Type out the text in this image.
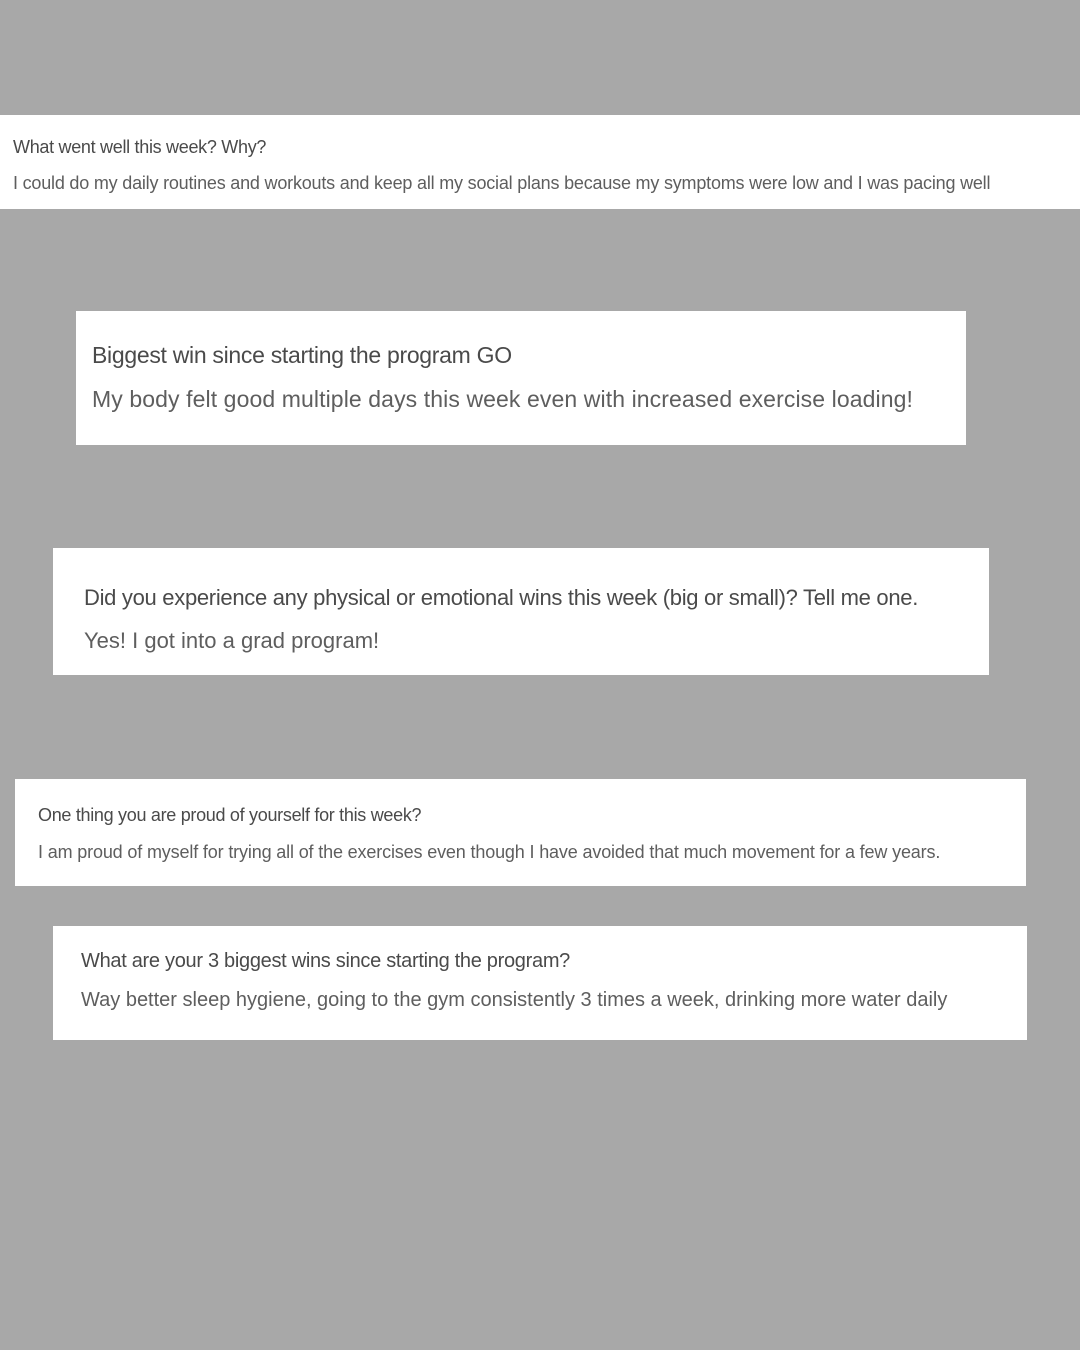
What went well this week? Why?
I could do my daily routines and workouts and keep all my social plans because my symptoms were low and I was pacing well
Biggest win since starting the program GO
My body felt good multiple days this week even with increased exercise loading!
Did you experience any physical or emotional wins this week (big or small)? Tell me one.
Yes! I got into a grad program!
One thing you are proud of yourself for this week?
I am proud of myself for trying all of the exercises even though I have avoided that much movement for a few years.
What are your 3 biggest wins since starting the program?
Way better sleep hygiene, going to the gym consistently 3 times a week, drinking more water daily
